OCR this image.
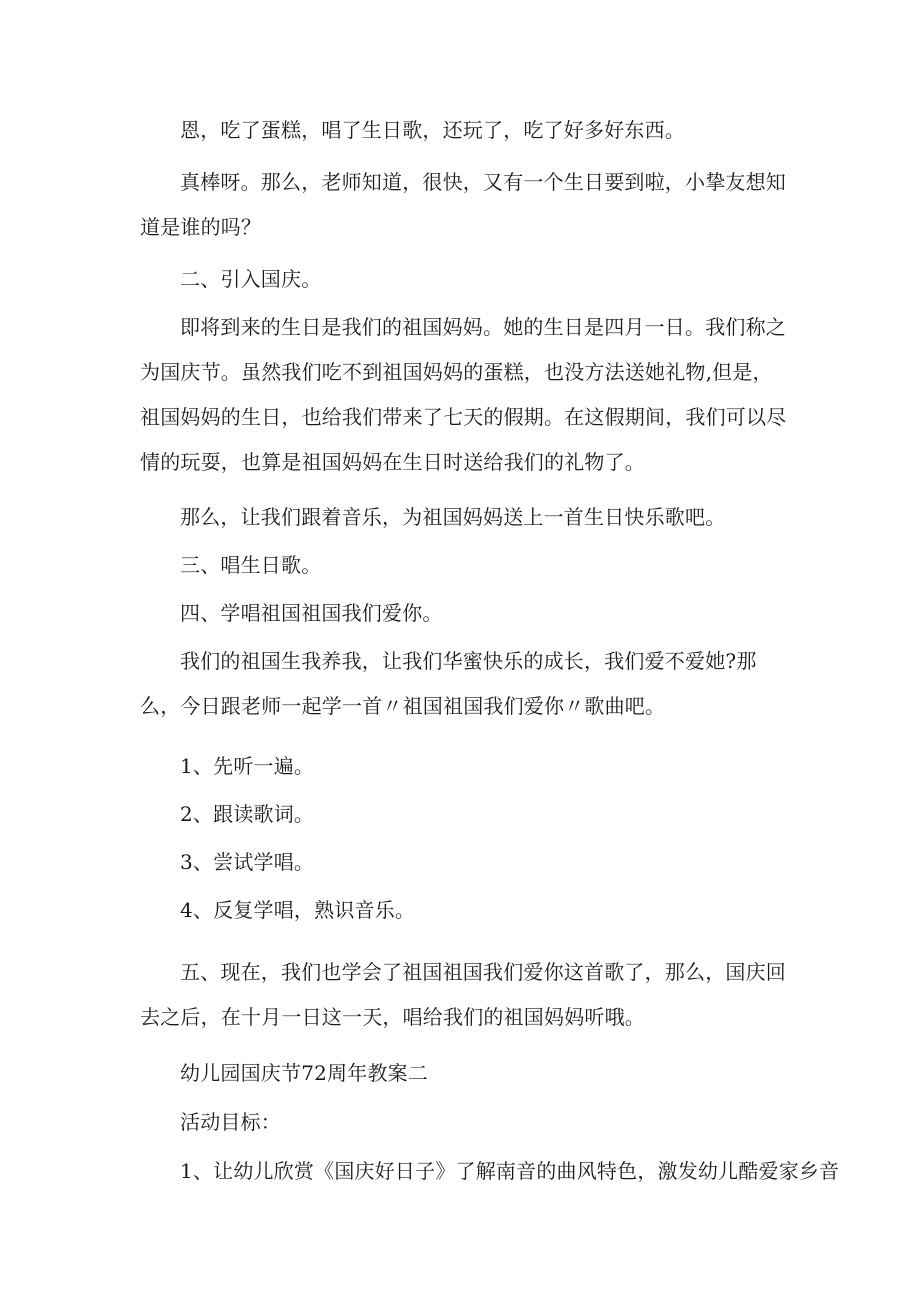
恩，吃了蛋糕，唱了生日歌，还玩了，吃了好多好东西。

真棒呀。那么，老师知道，很快，又有一个生日要到啦，小挚友想知道是谁的吗？

二、引入国庆。

即将到来的生日是我们的祖国妈妈。她的生日是四月一日。我们称之为国庆节。虽然我们吃不到祖国妈妈的蛋糕，也没方法送她礼物,但是，祖国妈妈的生日，也给我们带来了七天的假期。在这假期间，我们可以尽情的玩耍，也算是祖国妈妈在生日时送给我们的礼物了。

那么，让我们跟着音乐，为祖国妈妈送上一首生日快乐歌吧。

三、唱生日歌。

四、学唱祖国祖国我们爱你。

我们的祖国生我养我，让我们华蜜快乐的成长，我们爱不爱她?那么，今日跟老师一起学一首〃祖国祖国我们爱你〃歌曲吧。

1、先听一遍。

2、跟读歌词。

3、尝试学唱。

4、反复学唱，熟识音乐。

五、现在，我们也学会了祖国祖国我们爱你这首歌了，那么，国庆回去之后，在十月一日这一天，唱给我们的祖国妈妈听哦。

幼儿园国庆节72周年教案二

活动目标：

1、让幼儿欣赏《国庆好日子》了解南音的曲风特色，激发幼儿酷爱家乡音
